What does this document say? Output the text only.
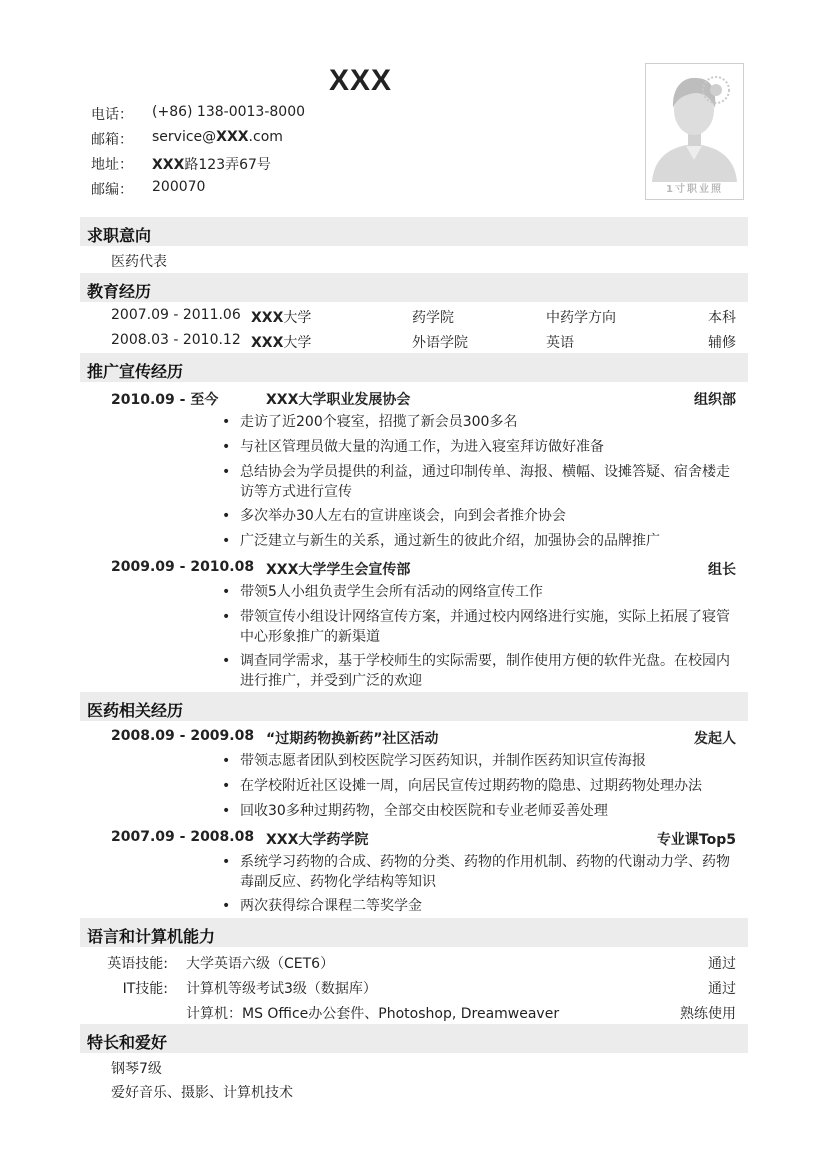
XXX
电话： (+86) 138-0013-8000
邮箱： service@XXX.com
地址： XXX路123弄67号
邮编： 200070	1寸职业照
求职意向
医药代表
教育经历
2007.09 - 2011.06 XXX大学	药学院	中药学方向	本科
2008.03 - 2010.12 XXX大学	外语学院	英语	辅修
推广宣传经历
2010.09 - 至今	XXX大学职业发展协会	组织部
• 走访了近200个寝室，招揽了新会员300多名
• 与社区管理员做大量的沟通工作，为进入寝室拜访做好准备
• 总结协会为学员提供的利益，通过印制传单、海报、横幅、设摊答疑、宿舍楼走访等方式进行宣传
• 多次举办30人左右的宣讲座谈会，向到会者推介协会
• 广泛建立与新生的关系，通过新生的彼此介绍，加强协会的品牌推广
2009.09 - 2010.08 XXX大学学生会宣传部	组长
• 带领5人小组负责学生会所有活动的网络宣传工作
• 带领宣传小组设计网络宣传方案，并通过校内网络进行实施，实际上拓展了寝管中心形象推广的新渠道
• 调查同学需求，基于学校师生的实际需要，制作使用方便的软件光盘。在校园内进行推广，并受到广泛的欢迎
医药相关经历
2008.09 - 2009.08 “过期药物换新药”社区活动	发起人
• 带领志愿者团队到校医院学习医药知识，并制作医药知识宣传海报
• 在学校附近社区设摊一周，向居民宣传过期药物的隐患、过期药物处理办法
• 回收30多种过期药物，全部交由校医院和专业老师妥善处理
2007.09 - 2008.08 XXX大学药学院	专业课Top5
• 系统学习药物的合成、药物的分类、药物的作用机制、药物的代谢动力学、药物毒副反应、药物化学结构等知识
• 两次获得综合课程二等奖学金
语言和计算机能力
英语技能: 大学英语六级（CET6）	通过
IT技能: 计算机等级考试3级（数据库）	通过
计算机：MS Office办公套件、Photoshop, Dreamweaver	熟练使用
特长和爱好
钢琴7级
爱好音乐、摄影、计算机技术
